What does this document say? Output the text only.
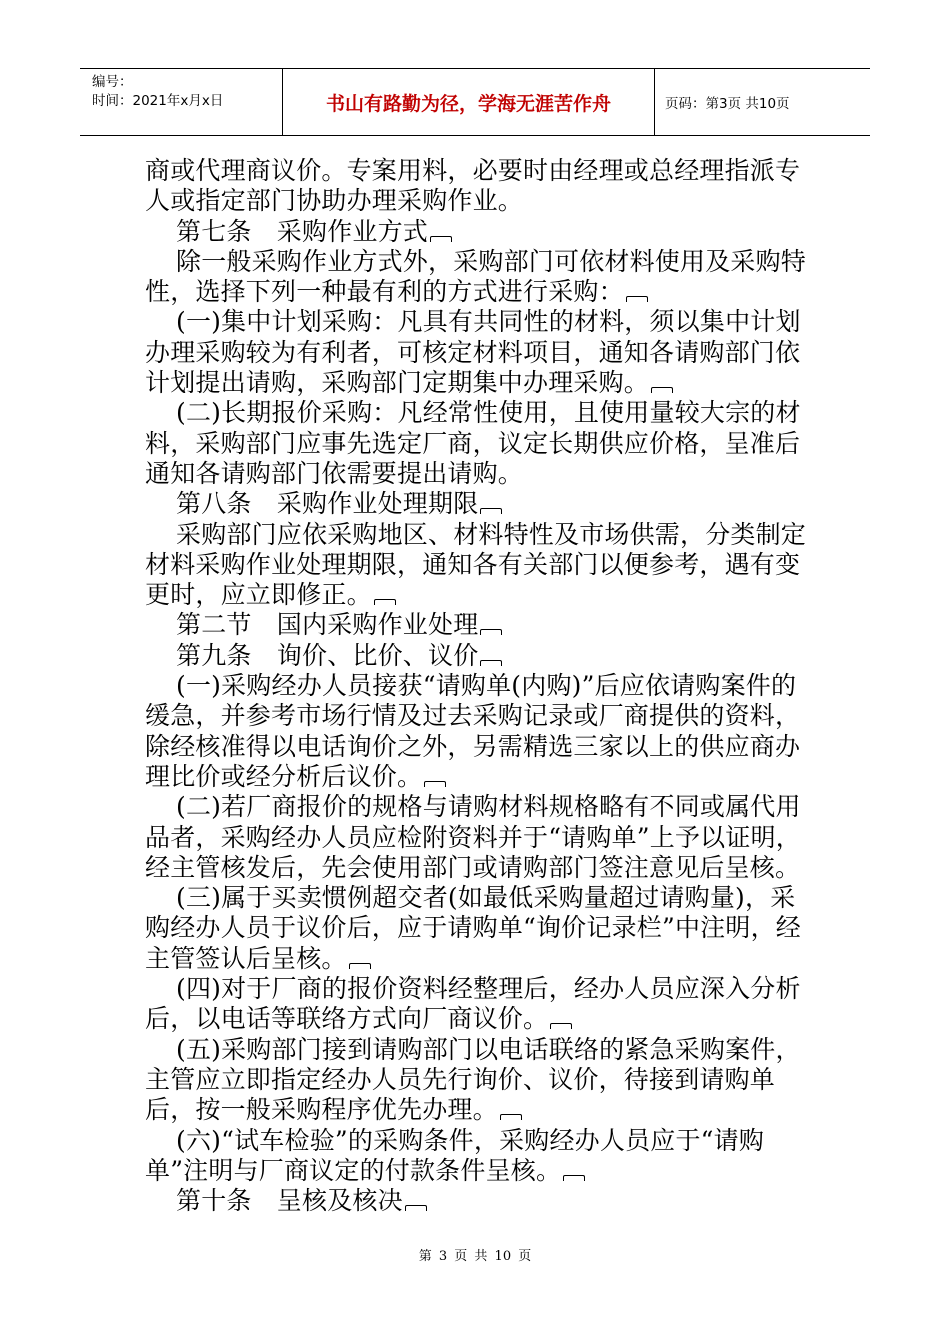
编号：
时间：2021年x月x日	书山有路勤为径，学海无涯苦作舟	页码：第3页 共10页

商或代理商议价。专案用料，必要时由经理或总经理指派专人或指定部门协助办理采购作业。

第七条　采购作业方式

除一般采购作业方式外，采购部门可依材料使用及采购特性，选择下列一种最有利的方式进行采购：

(一)集中计划采购：凡具有共同性的材料，须以集中计划办理采购较为有利者，可核定材料项目，通知各请购部门依计划提出请购，采购部门定期集中办理采购。

(二)长期报价采购：凡经常性使用，且使用量较大宗的材料，采购部门应事先选定厂商，议定长期供应价格，呈准后通知各请购部门依需要提出请购。

第八条　采购作业处理期限

采购部门应依采购地区、材料特性及市场供需，分类制定材料采购作业处理期限，通知各有关部门以便参考，遇有变更时，应立即修正。

第二节　国内采购作业处理

第九条　询价、比价、议价

(一)采购经办人员接获“请购单(内购)”后应依请购案件的缓急，并参考市场行情及过去采购记录或厂商提供的资料，除经核准得以电话询价之外，另需精选三家以上的供应商办理比价或经分析后议价。

(二)若厂商报价的规格与请购材料规格略有不同或属代用品者，采购经办人员应检附资料并于“请购单”上予以证明，经主管核发后，先会使用部门或请购部门签注意见后呈核。

(三)属于买卖惯例超交者(如最低采购量超过请购量)，采购经办人员于议价后，应于请购单“询价记录栏”中注明，经主管签认后呈核。

(四)对于厂商的报价资料经整理后，经办人员应深入分析后，以电话等联络方式向厂商议价。

(五)采购部门接到请购部门以电话联络的紧急采购案件，主管应立即指定经办人员先行询价、议价，待接到请购单后，按一般采购程序优先办理。

(六)“试车检验”的采购条件，采购经办人员应于“请购单”注明与厂商议定的付款条件呈核。

第十条　呈核及核决

第 3 页 共 10 页
